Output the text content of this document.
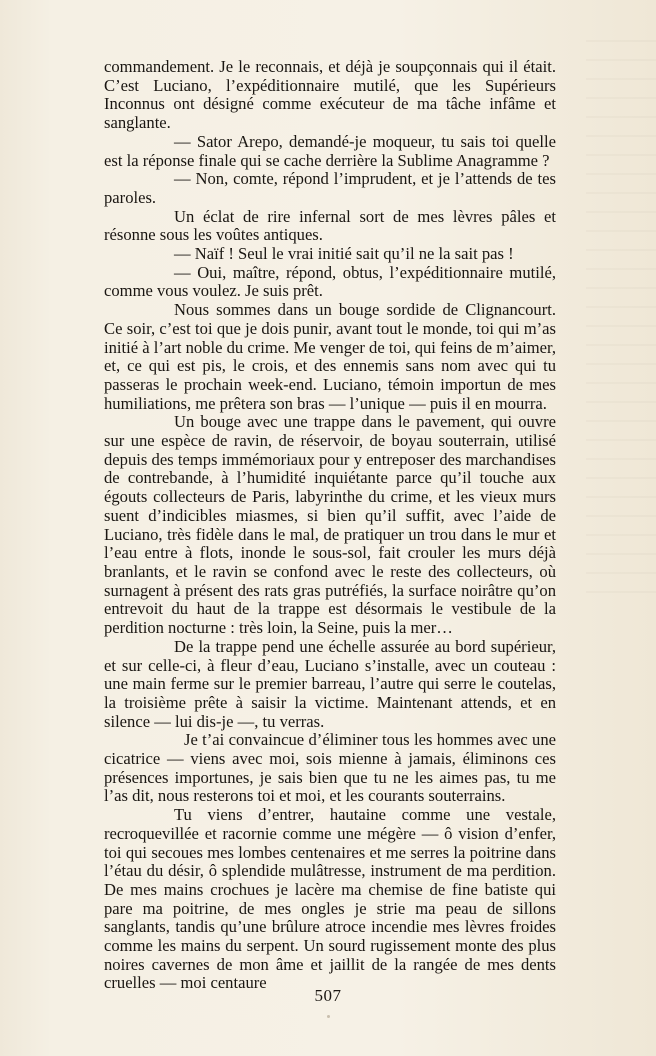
commandement. Je le reconnais, et déjà je soupçonnais qui il était. C’est Luciano, l’expéditionnaire mutilé, que les Supérieurs Inconnus ont désigné comme exécuteur de ma tâche infâme et sanglante.

— Sator Arepo, demandé-je moqueur, tu sais toi quelle est la réponse finale qui se cache derrière la Sublime Anagramme ?

— Non, comte, répond l’imprudent, et je l’attends de tes paroles.

Un éclat de rire infernal sort de mes lèvres pâles et résonne sous les voûtes antiques.

— Naïf ! Seul le vrai initié sait qu’il ne la sait pas !

— Oui, maître, répond, obtus, l’expéditionnaire mutilé, comme vous voulez. Je suis prêt.

Nous sommes dans un bouge sordide de Clignancourt. Ce soir, c’est toi que je dois punir, avant tout le monde, toi qui m’as initié à l’art noble du crime. Me venger de toi, qui feins de m’aimer, et, ce qui est pis, le crois, et des ennemis sans nom avec qui tu passeras le prochain week-end. Luciano, témoin importun de mes humiliations, me prêtera son bras — l’unique — puis il en mourra.

Un bouge avec une trappe dans le pavement, qui ouvre sur une espèce de ravin, de réservoir, de boyau souterrain, utilisé depuis des temps immémoriaux pour y entreposer des marchandises de contrebande, à l’humidité inquiétante parce qu’il touche aux égouts collecteurs de Paris, labyrinthe du crime, et les vieux murs suent d’indicibles miasmes, si bien qu’il suffit, avec l’aide de Luciano, très fidèle dans le mal, de pratiquer un trou dans le mur et l’eau entre à flots, inonde le sous-sol, fait crouler les murs déjà branlants, et le ravin se confond avec le reste des collecteurs, où surnagent à présent des rats gras putréfiés, la surface noirâtre qu’on entrevoit du haut de la trappe est désormais le vestibule de la perdition nocturne : très loin, la Seine, puis la mer…

De la trappe pend une échelle assurée au bord supérieur, et sur celle-ci, à fleur d’eau, Luciano s’installe, avec un couteau : une main ferme sur le premier barreau, l’autre qui serre le coutelas, la troisième prête à saisir la victime. Maintenant attends, et en silence — lui dis-je —, tu verras.

Je t’ai convaincue d’éliminer tous les hommes avec une cicatrice — viens avec moi, sois mienne à jamais, éliminons ces présences importunes, je sais bien que tu ne les aimes pas, tu me l’as dit, nous resterons toi et moi, et les courants souterrains.

Tu viens d’entrer, hautaine comme une vestale, recroquevillée et racornie comme une mégère — ô vision d’enfer, toi qui secoues mes lombes centenaires et me serres la poitrine dans l’étau du désir, ô splendide mulâtresse, instrument de ma perdition. De mes mains crochues je lacère ma chemise de fine batiste qui pare ma poitrine, de mes ongles je strie ma peau de sillons sanglants, tandis qu’une brûlure atroce incendie mes lèvres froides comme les mains du serpent. Un sourd rugissement monte des plus noires cavernes de mon âme et jaillit de la rangée de mes dents cruelles — moi centaure

507
